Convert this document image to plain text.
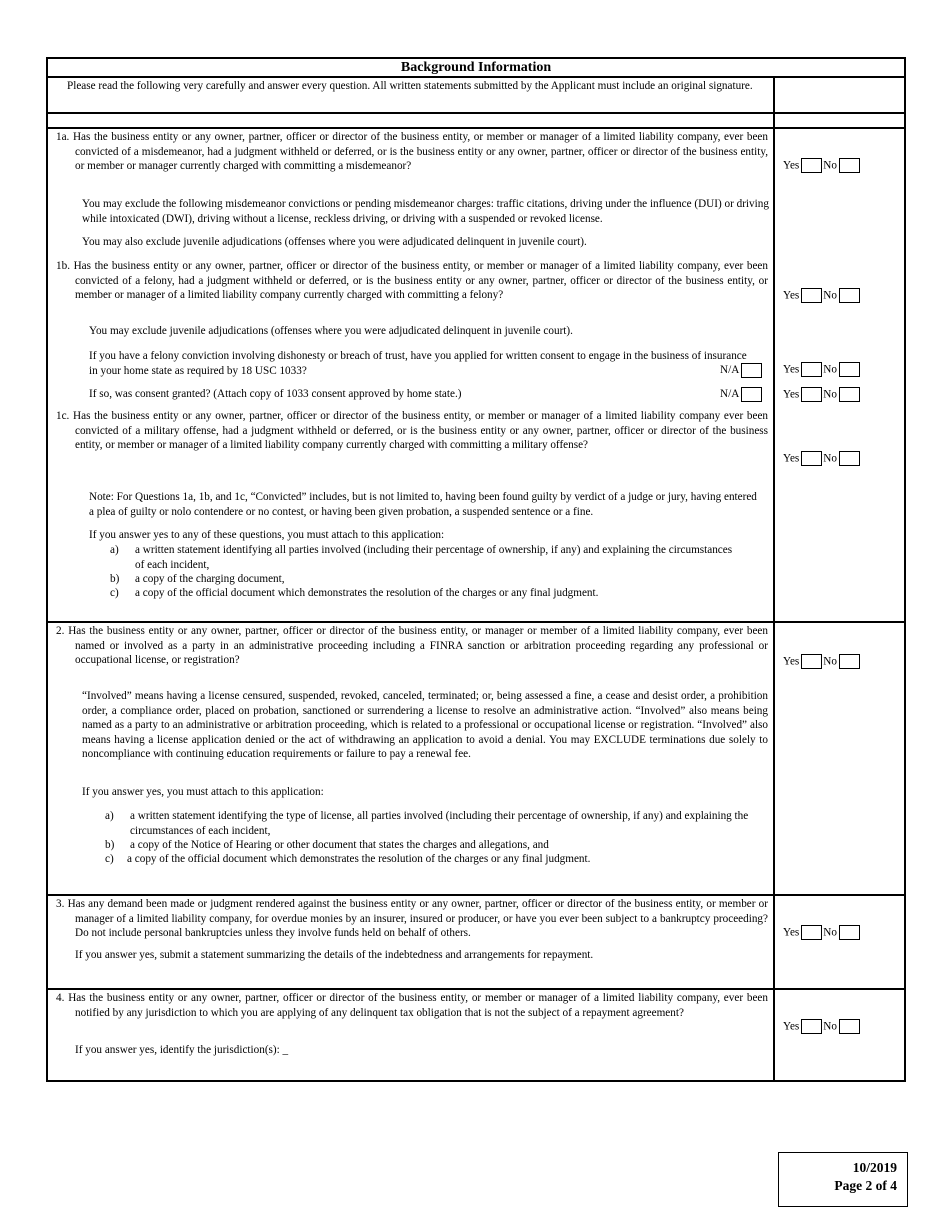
Background Information
Please read the following very carefully and answer every question. All written statements submitted by the Applicant must include an original signature.
1a. Has the business entity or any owner, partner, officer or director of the business entity, or member or manager of a limited liability company, ever been convicted of a misdemeanor, had a judgment withheld or deferred, or is the business entity or any owner, partner, officer or director of the business entity, or member or manager currently charged with committing a misdemeanor?	Yes No
You may exclude the following misdemeanor convictions or pending misdemeanor charges: traffic citations, driving under the influence (DUI) or driving while intoxicated (DWI), driving without a license, reckless driving, or driving with a suspended or revoked license.
You may also exclude juvenile adjudications (offenses where you were adjudicated delinquent in juvenile court).
1b. Has the business entity or any owner, partner, officer or director of the business entity, or member or manager of a limited liability company, ever been convicted of a felony, had a judgment withheld or deferred, or is the business entity or any owner, partner, officer or director of the business entity, or member or manager of a limited liability company currently charged with committing a felony?	Yes No
You may exclude juvenile adjudications (offenses where you were adjudicated delinquent in juvenile court).
If you have a felony conviction involving dishonesty or breach of trust, have you applied for written consent to engage in the business of insurance in your home state as required by 18 USC 1033?	N/A	Yes No
If so, was consent granted? (Attach copy of 1033 consent approved by home state.)	N/A	Yes No
1c. Has the business entity or any owner, partner, officer or director of the business entity, or member or manager of a limited liability company ever been convicted of a military offense, had a judgment withheld or deferred, or is the business entity or any owner, partner, officer or director of the business entity, or member or manager of a limited liability company currently charged with committing a military offense?
Yes No
Note: For Questions 1a, 1b, and 1c, “Convicted” includes, but is not limited to, having been found guilty by verdict of a judge or jury, having entered a plea of guilty or nolo contendere or no contest, or having been given probation, a suspended sentence or a fine.
If you answer yes to any of these questions, you must attach to this application:
a) a written statement identifying all parties involved (including their percentage of ownership, if any) and explaining the circumstances of each incident,
b) a copy of the charging document,
c) a copy of the official document which demonstrates the resolution of the charges or any final judgment.
2. Has the business entity or any owner, partner, officer or director of the business entity, or manager or member of a limited liability company, ever been named or involved as a party in an administrative proceeding including a FINRA sanction or arbitration proceeding regarding any professional or occupational license, or registration?	Yes No
“Involved” means having a license censured, suspended, revoked, canceled, terminated; or, being assessed a fine, a cease and desist order, a prohibition order, a compliance order, placed on probation, sanctioned or surrendering a license to resolve an administrative action. “Involved” also means being named as a party to an administrative or arbitration proceeding, which is related to a professional or occupational license or registration. “Involved” also means having a license application denied or the act of withdrawing an application to avoid a denial. You may EXCLUDE terminations due solely to noncompliance with continuing education requirements or failure to pay a renewal fee.
If you answer yes, you must attach to this application:
a) a written statement identifying the type of license, all parties involved (including their percentage of ownership, if any) and explaining the circumstances of each incident,
b) a copy of the Notice of Hearing or other document that states the charges and allegations, and
c) a copy of the official document which demonstrates the resolution of the charges or any final judgment.
3. Has any demand been made or judgment rendered against the business entity or any owner, partner, officer or director of the business entity, or member or manager of a limited liability company, for overdue monies by an insurer, insured or producer, or have you ever been subject to a bankruptcy proceeding? Do not include personal bankruptcies unless they involve funds held on behalf of others.	Yes No
If you answer yes, submit a statement summarizing the details of the indebtedness and arrangements for repayment.
4. Has the business entity or any owner, partner, officer or director of the business entity, or member or manager of a limited liability company, ever been notified by any jurisdiction to which you are applying of any delinquent tax obligation that is not the subject of a repayment agreement?
Yes No
If you answer yes, identify the jurisdiction(s): _
10/2019
Page 2 of 4
